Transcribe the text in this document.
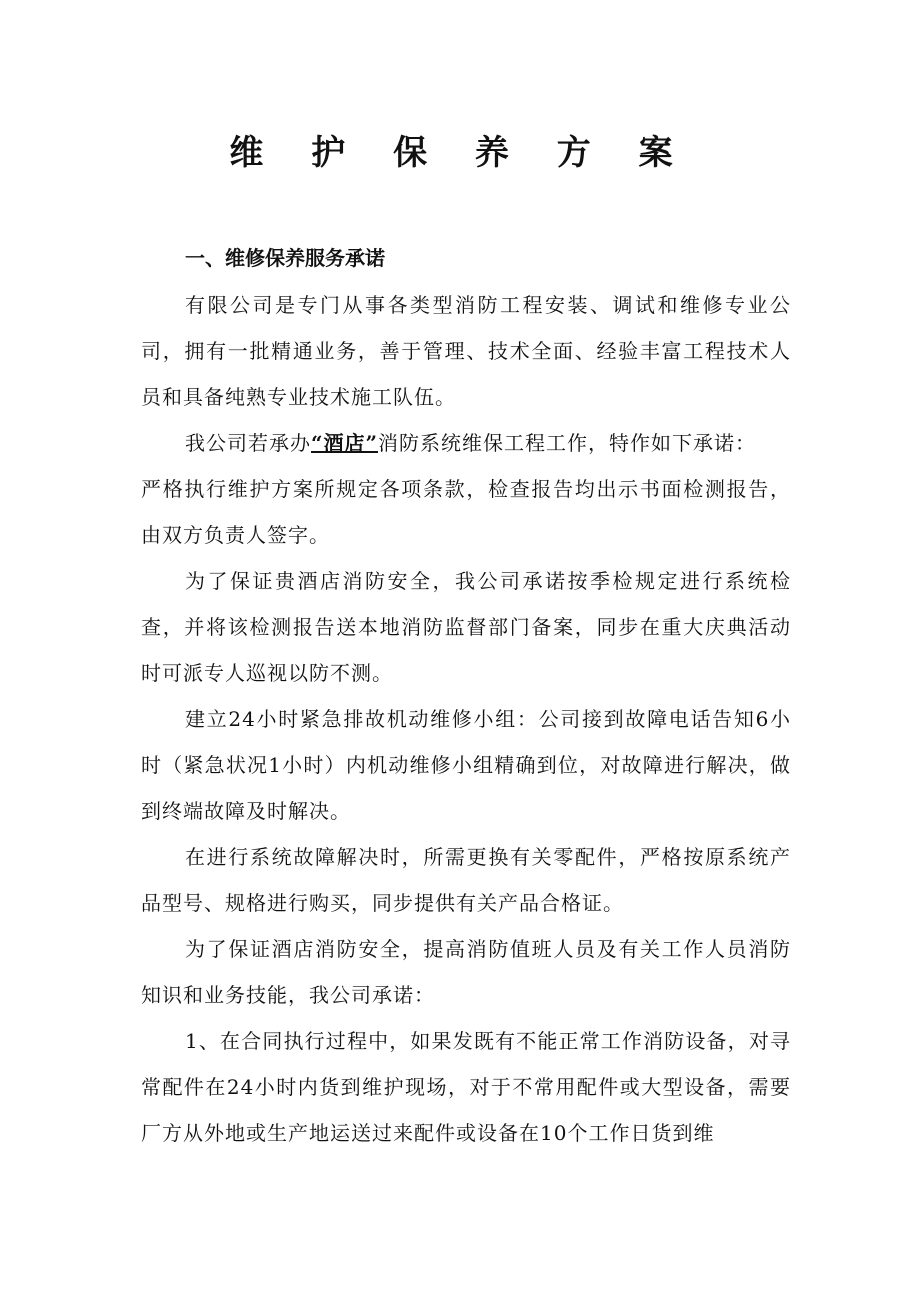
维 护 保 养 方 案
一、维修保养服务承诺

有限公司是专门从事各类型消防工程安装、调试和维修专业公司，拥有一批精通业务，善于管理、技术全面、经验丰富工程技术人员和具备纯熟专业技术施工队伍。

我公司若承办“酒店”消防系统维保工程工作，特作如下承诺：

严格执行维护方案所规定各项条款，检查报告均出示书面检测报告，由双方负责人签字。

为了保证贵酒店消防安全，我公司承诺按季检规定进行系统检查，并将该检测报告送本地消防监督部门备案，同步在重大庆典活动时可派专人巡视以防不测。

建立24小时紧急排故机动维修小组：公司接到故障电话告知6小时（紧急状况1小时）内机动维修小组精确到位，对故障进行解决，做到终端故障及时解决。

在进行系统故障解决时，所需更换有关零配件，严格按原系统产品型号、规格进行购买，同步提供有关产品合格证。

为了保证酒店消防安全，提高消防值班人员及有关工作人员消防知识和业务技能，我公司承诺：

1、在合同执行过程中，如果发既有不能正常工作消防设备，对寻常配件在24小时内货到维护现场，对于不常用配件或大型设备，需要厂方从外地或生产地运送过来配件或设备在10个工作日货到维
